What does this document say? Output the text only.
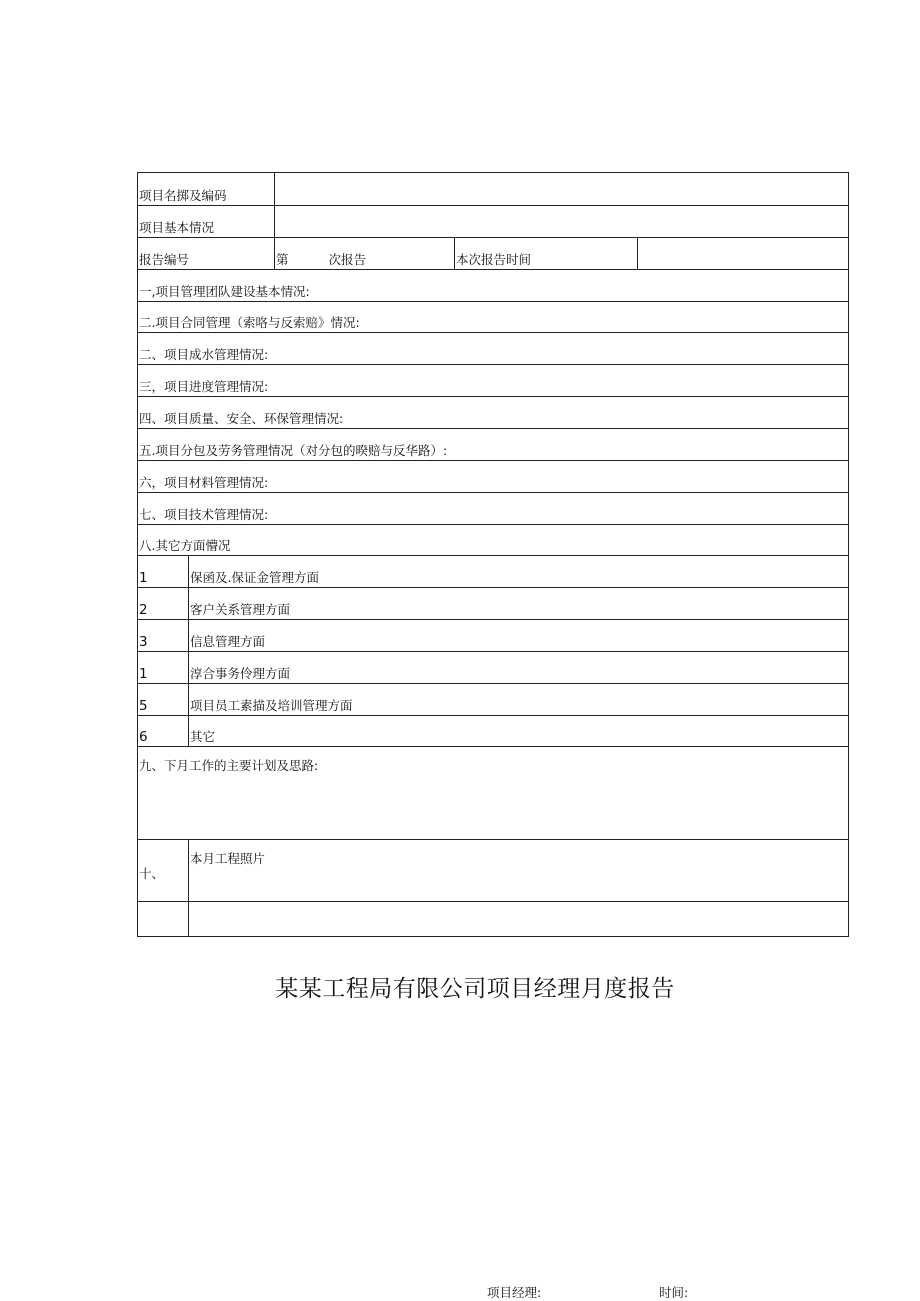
项目名掷及编码				
项目基本情况				
报告编号		第 次报告	本次报告时间	
一,项目管理团队建设基本情况:				
二.项目合同管理（索咯与反索赔》情况:				
二、项目成水管理情况:				
三，项目进度管理情况:				
四、项目质量、安全、环保管理情况:				
五.项目分包及劳务管理情况（对分包的暌赔与反华路）:				
六，项目材料管理情况:				
七、项目技术管理情况:				
八.其它方面懵况				
1	保函及.保证金管理方面			
2	客户关系管理方面			
3	信息管理方面			
1	淳合事务伶理方面			
5	项目员工素描及培训管理方面			
6	其它			
九、下月工作的主要计划及思路:				
十、	本月工程照片			

某某工程局有限公司项目经理月度报告
项目经理:	时间:
